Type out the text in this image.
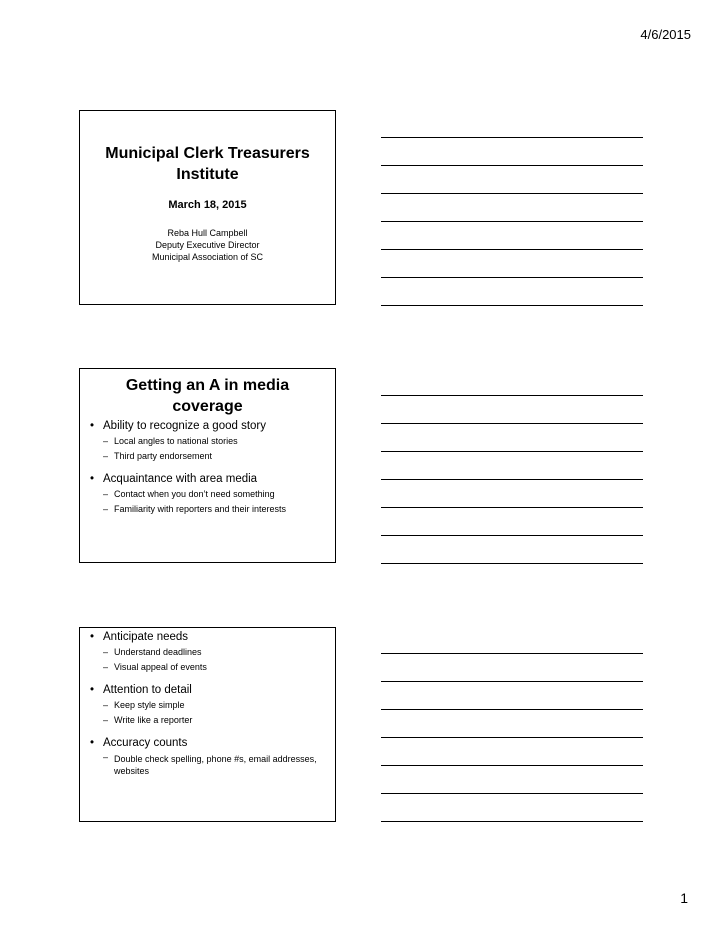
4/6/2015
Municipal Clerk Treasurers
Institute
March 18, 2015
Reba Hull Campbell
Deputy Executive Director
Municipal Association of SC
Getting an A in media
coverage
• Ability to recognize a good story
– Local angles to national stories
– Third party endorsement
• Acquaintance with area media
– Contact when you don’t need something
– Familiarity with reporters and their interests
• Anticipate needs
– Understand deadlines
– Visual appeal of events
• Attention to detail
– Keep style simple
– Write like a reporter
• Accuracy counts
– Double check spelling, phone #s, email addresses, websites
1
